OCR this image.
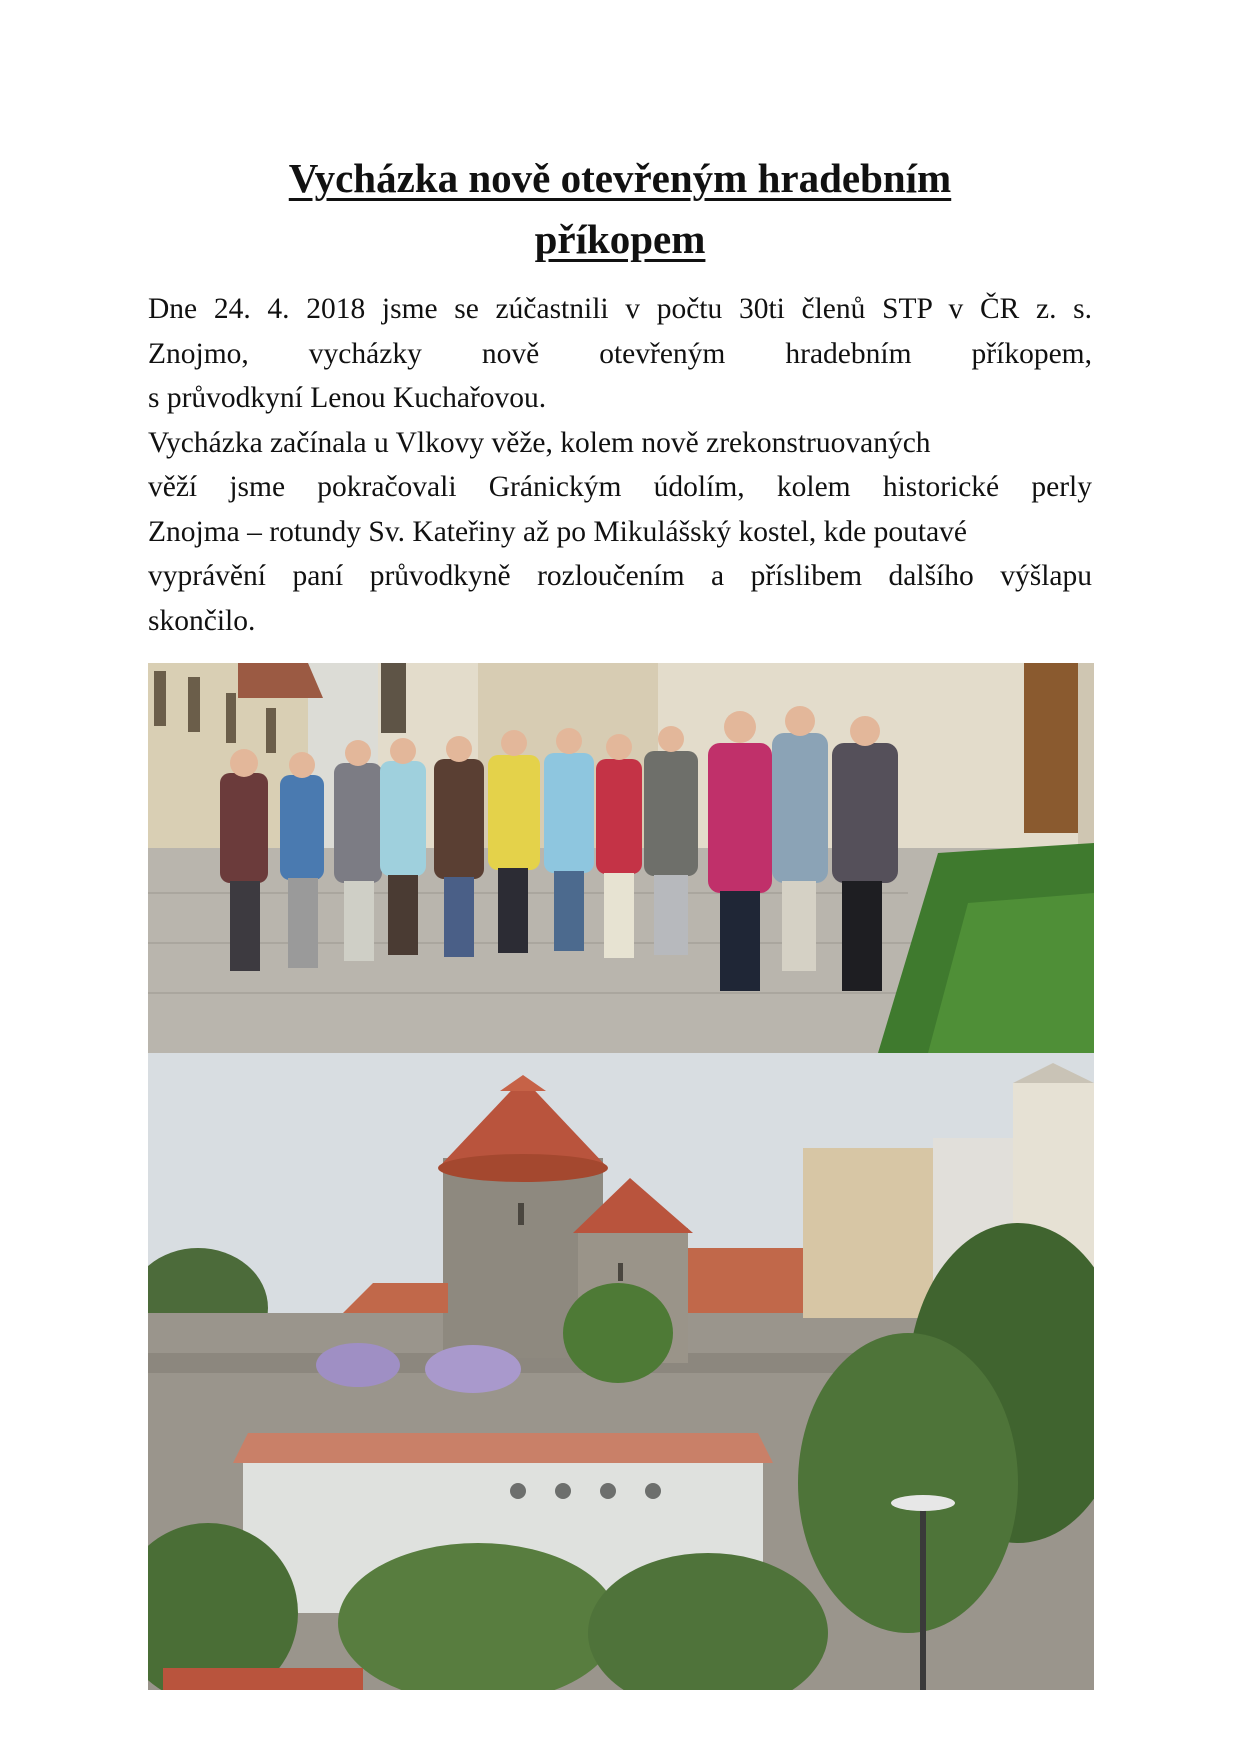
Vycházka nově otevřeným hradebním
příkopem

Dne 24. 4. 2018 jsme se zúčastnili v počtu 30ti členů STP v ČR z. s.
Znojmo, vycházky nově otevřeným hradebním příkopem,
s průvodkyní Lenou Kuchařovou.

Vycházka začínala u Vlkovy věže, kolem nově zrekonstruovaných
věží jsme pokračovali Gránickým údolím, kolem historické perly
Znojma – rotundy Sv. Kateřiny až po Mikulášský kostel, kde poutavé
vyprávění paní průvodkyně rozloučením a příslibem dalšího výšlapu
skončilo.
